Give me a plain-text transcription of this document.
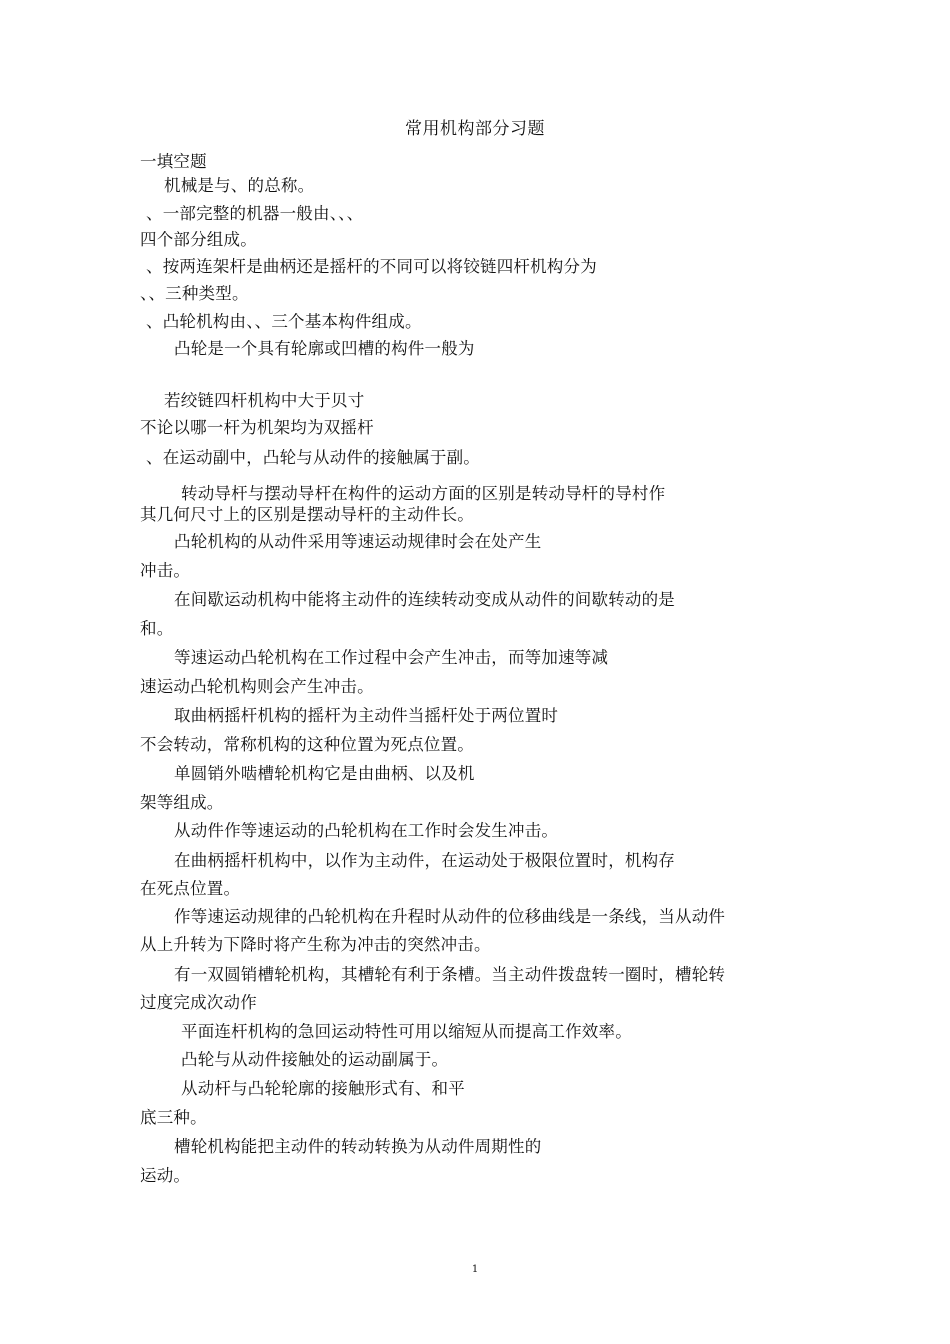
常用机构部分习题
一填空题
机械是与、的总称。
、一部完整的机器一般由、、、
四个部分组成。
、按两连架杆是曲柄还是摇杆的不同可以将铰链四杆机构分为
、、三种类型。
、凸轮机构由、、三个基本构件组成。
凸轮是一个具有轮廓或凹槽的构件一般为
若绞链四杆机构中大于贝寸
不论以哪一杆为机架均为双摇杆
、在运动副中，凸轮与从动件的接触属于副。
转动导杆与摆动导杆在构件的运动方面的区别是转动导杆的导村作
其几何尺寸上的区别是摆动导杆的主动件长。
凸轮机构的从动件采用等速运动规律时会在处产生
冲击。
在间歇运动机构中能将主动件的连续转动变成从动件的间歇转动的是
和。
等速运动凸轮机构在工作过程中会产生冲击，而等加速等减
速运动凸轮机构则会产生冲击。
取曲柄摇杆机构的摇杆为主动件当摇杆处于两位置时
不会转动，常称机构的这种位置为死点位置。
单圆销外啮槽轮机构它是由曲柄、以及机
架等组成。
从动件作等速运动的凸轮机构在工作时会发生冲击。
在曲柄摇杆机构中，以作为主动件，在运动处于极限位置时，机构存
在死点位置。
作等速运动规律的凸轮机构在升程时从动件的位移曲线是一条线，当从动件
从上升转为下降时将产生称为冲击的突然冲击。
有一双圆销槽轮机构，其槽轮有利于条槽。当主动件拨盘转一圈时，槽轮转
过度完成次动作
平面连杆机构的急回运动特性可用以缩短从而提高工作效率。
凸轮与从动件接触处的运动副属于。
从动杆与凸轮轮廓的接触形式有、和平
底三种。
槽轮机构能把主动件的转动转换为从动件周期性的
运动。
1
